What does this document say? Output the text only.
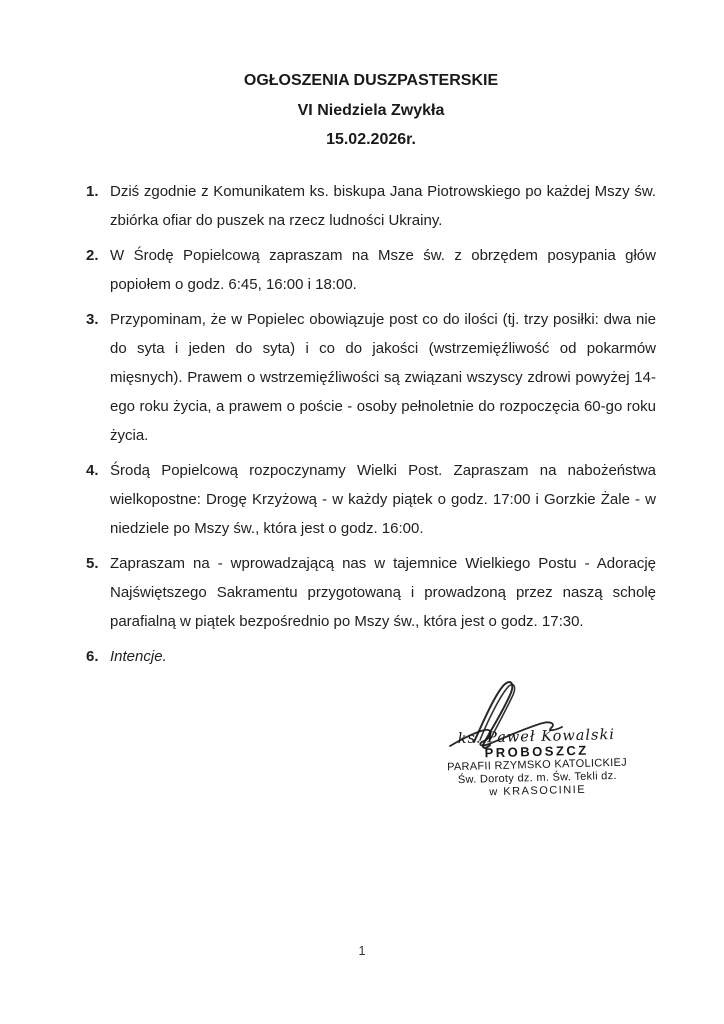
OGŁOSZENIA DUSZPASTERSKIE
VI Niedziela Zwykła
15.02.2026r.
1. Dziś zgodnie z Komunikatem ks. biskupa Jana Piotrowskiego po każdej Mszy św. zbiórka ofiar do puszek na rzecz ludności Ukrainy.
2. W Środę Popielcową zapraszam na Msze św. z obrzędem posypania głów popiołem o godz. 6:45, 16:00 i 18:00.
3. Przypominam, że w Popielec obowiązuje post co do ilości (tj. trzy posiłki: dwa nie do syta i jeden do syta) i co do jakości (wstrzemięźliwość od pokarmów mięsnych). Prawem o wstrzemięźliwości są związani wszyscy zdrowi powyżej 14-ego roku życia, a prawem o poście - osoby pełnoletnie do rozpoczęcia 60-go roku życia.
4. Środą Popielcową rozpoczynamy Wielki Post. Zapraszam na nabożeństwa wielkopostne: Drogę Krzyżową - w każdy piątek o godz. 17:00 i Gorzkie Żale - w niedziele po Mszy św., która jest o godz. 16:00.
5. Zapraszam na - wprowadzającą nas w tajemnice Wielkiego Postu - Adorację Najświętszego Sakramentu przygotowaną i prowadzoną przez naszą scholę parafialną w piątek bezpośrednio po Mszy św., która jest o godz. 17:30.
6. Intencje.
ks. Paweł Kowalski
PROBOSZCZ
PARAFII RZYMSKO KATOLICKIEJ
Św. Doroty dz. m. Św. Tekli dz.
w KRASOCINIE
1
